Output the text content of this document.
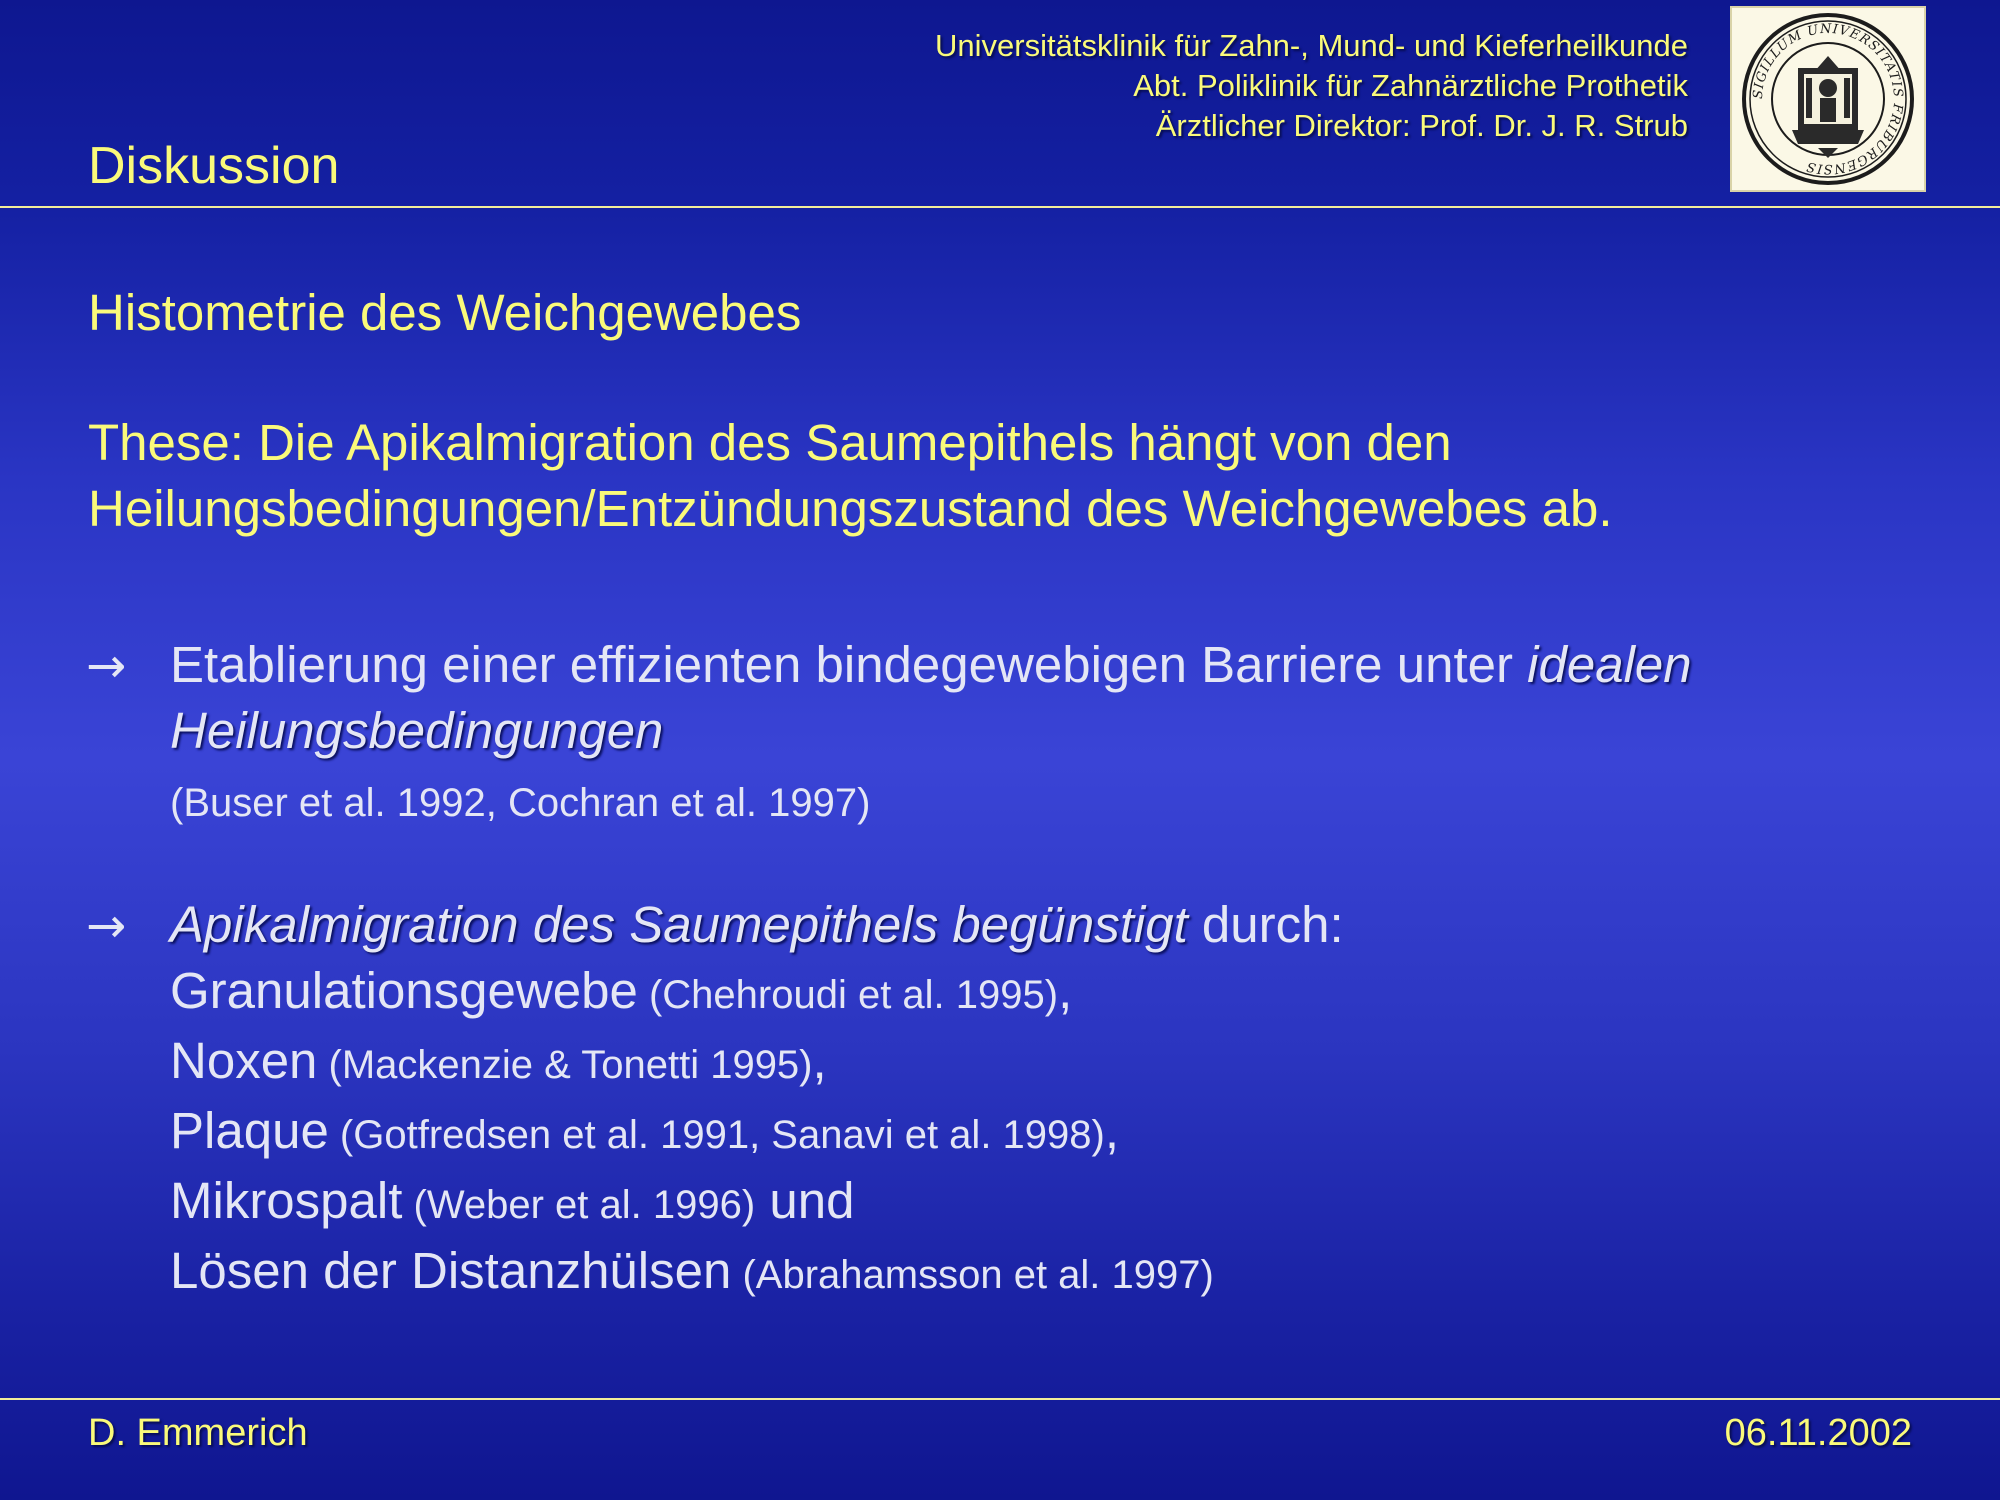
Universitätsklinik für Zahn-, Mund- und Kieferheilkunde
Abt. Poliklinik für Zahnärztliche Prothetik
Ärztlicher Direktor: Prof. Dr. J. R. Strub
Diskussion
SIGILLUM UNIVERSITATIS FRIBURGENSIS
Histometrie des Weichgewebes
These: Die Apikalmigration des Saumepithels hängt von den
Heilungsbedingungen/Entzündungszustand des Weichgewebes ab.
→ Etablierung einer effizienten bindegewebigen Barriere unter idealen
Heilungsbedingungen
(Buser et al. 1992, Cochran et al. 1997)
→ Apikalmigration des Saumepithels begünstigt durch:
Granulationsgewebe (Chehroudi et al. 1995),
Noxen (Mackenzie & Tonetti 1995),
Plaque (Gotfredsen et al. 1991, Sanavi et al. 1998),
Mikrospalt (Weber et al. 1996) und
Lösen der Distanzhülsen (Abrahamsson et al. 1997)
D. Emmerich	06.11.2002
